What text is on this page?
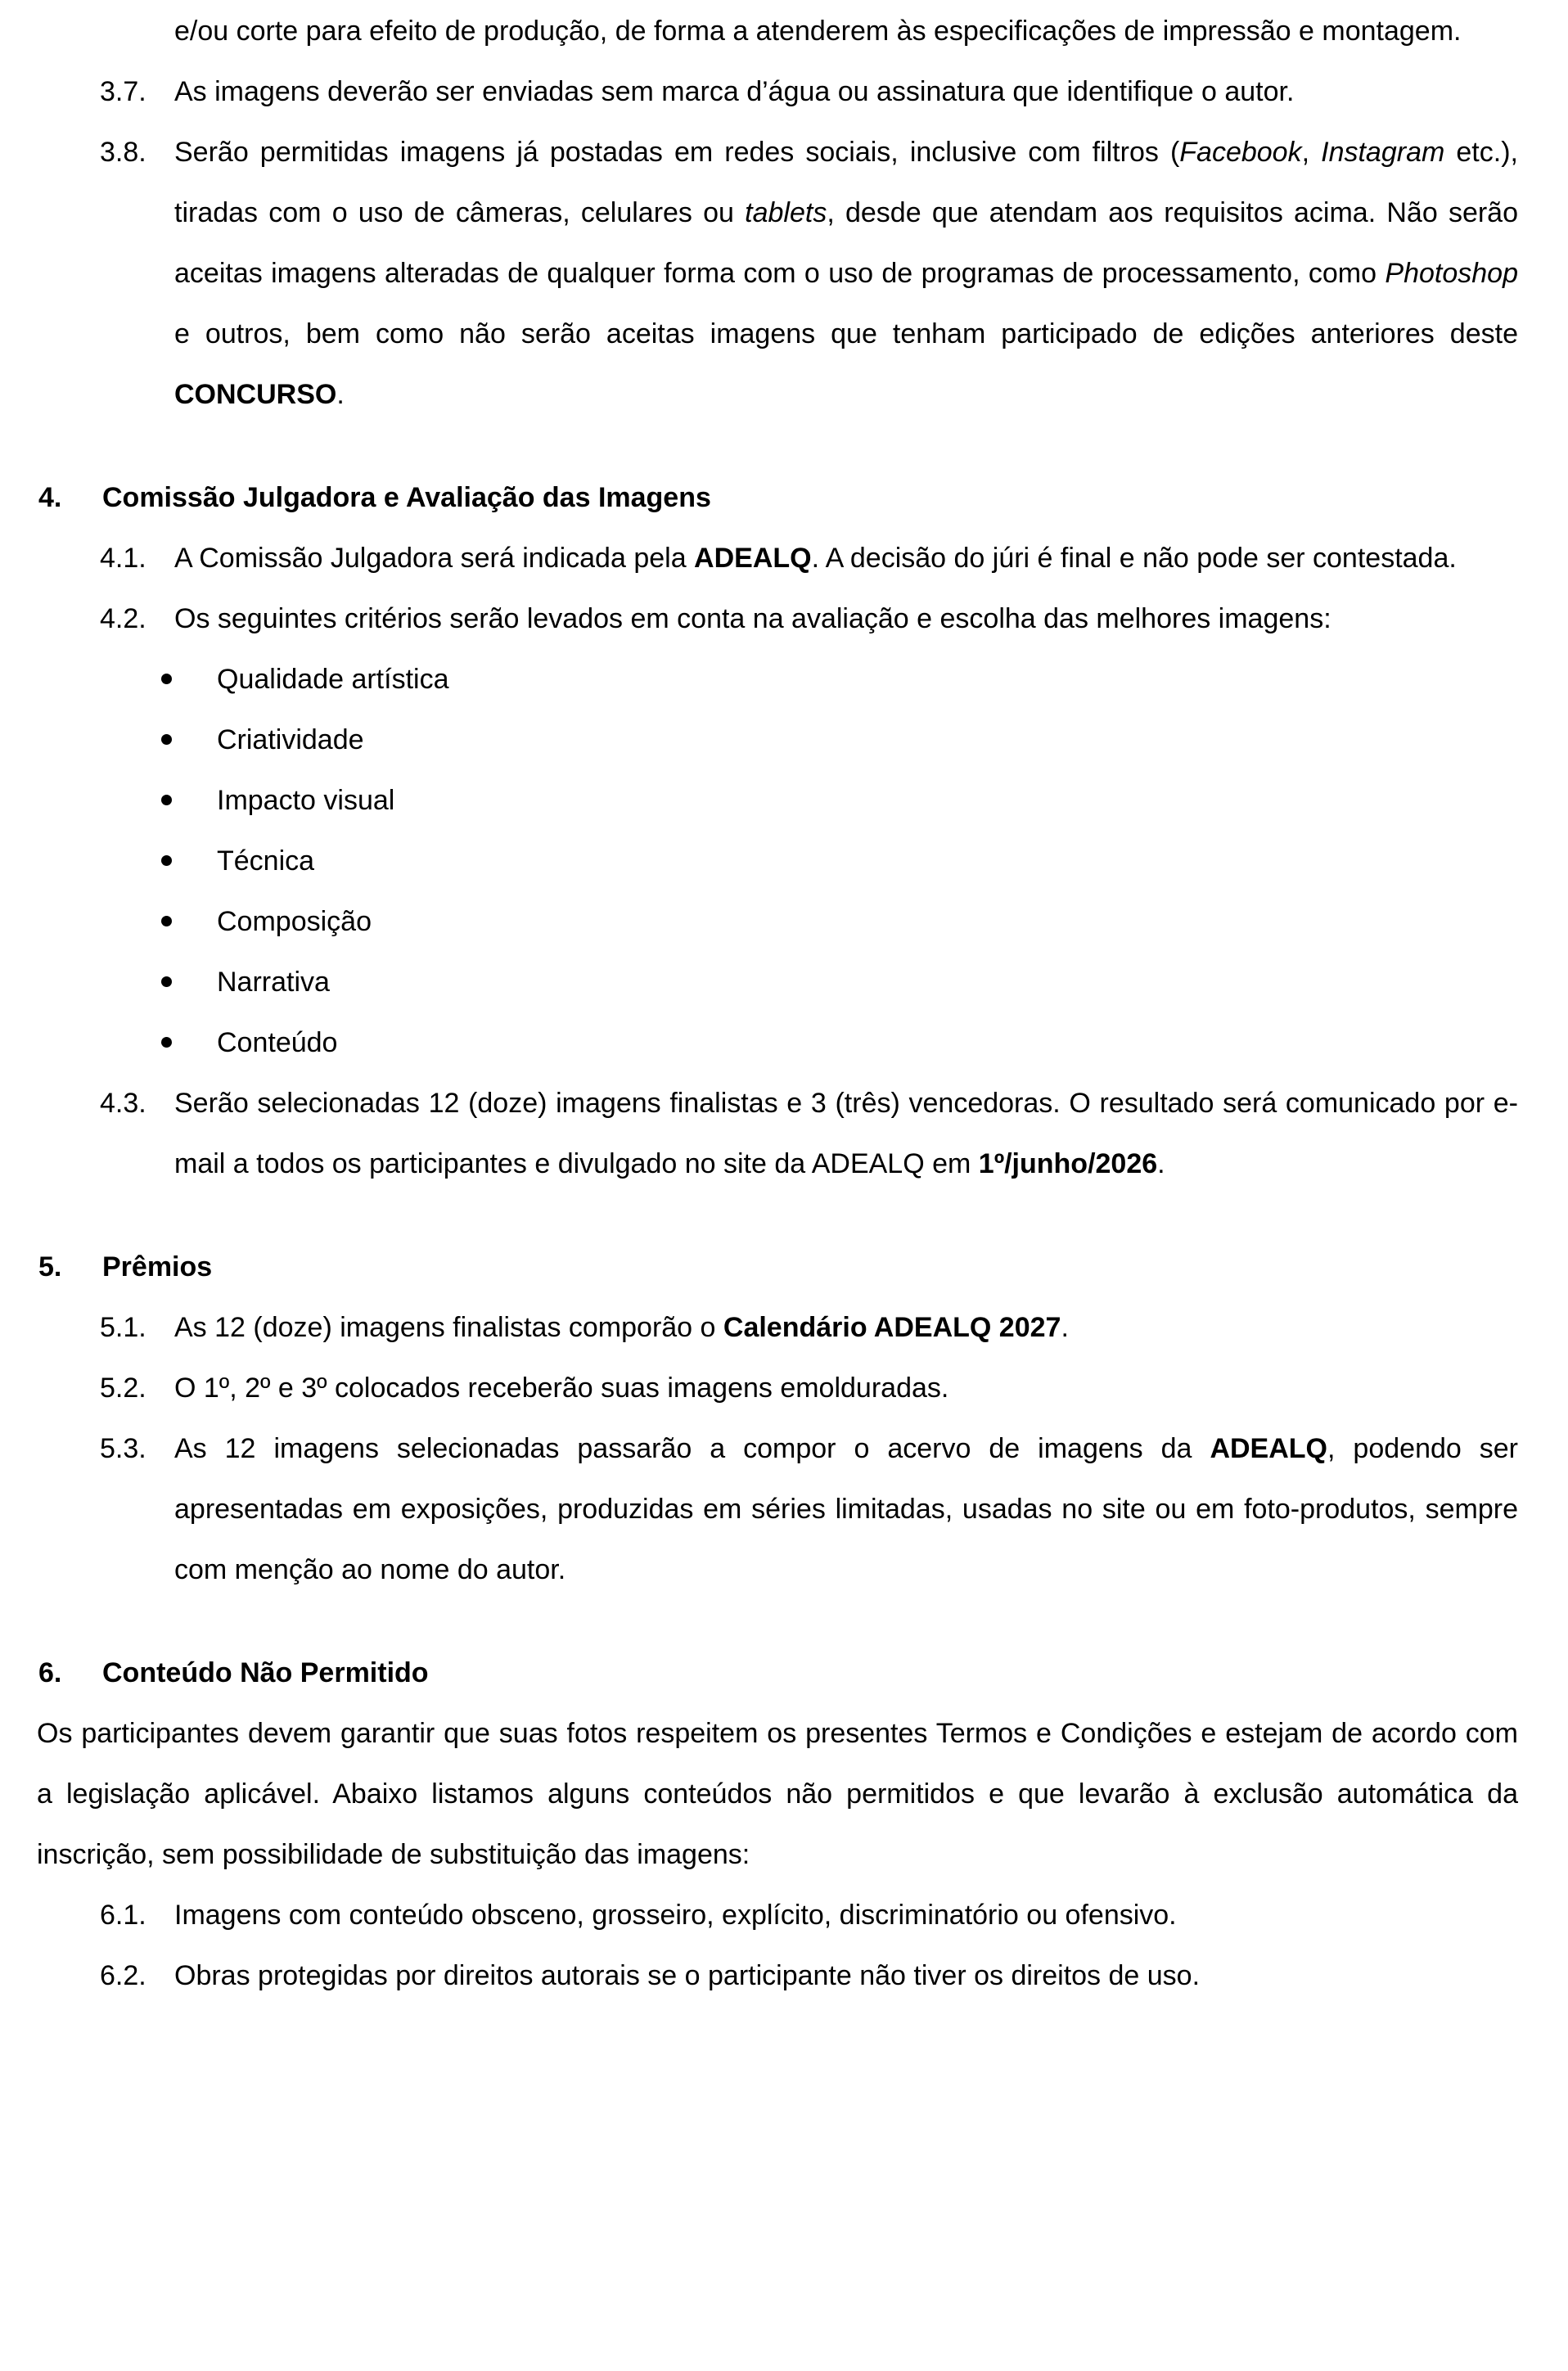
e/ou corte para efeito de produção, de forma a atenderem às especificações de impressão e montagem.
3.7. As imagens deverão ser enviadas sem marca d’água ou assinatura que identifique o autor.
3.8. Serão permitidas imagens já postadas em redes sociais, inclusive com filtros (Facebook, Instagram etc.), tiradas com o uso de câmeras, celulares ou tablets, desde que atendam aos requisitos acima. Não serão aceitas imagens alteradas de qualquer forma com o uso de programas de processamento, como Photoshop e outros, bem como não serão aceitas imagens que tenham participado de edições anteriores deste CONCURSO.
4. Comissão Julgadora e Avaliação das Imagens
4.1. A Comissão Julgadora será indicada pela ADEALQ. A decisão do júri é final e não pode ser contestada.
4.2. Os seguintes critérios serão levados em conta na avaliação e escolha das melhores imagens:
Qualidade artística
Criatividade
Impacto visual
Técnica
Composição
Narrativa
Conteúdo
4.3. Serão selecionadas 12 (doze) imagens finalistas e 3 (três) vencedoras. O resultado será comunicado por e-mail a todos os participantes e divulgado no site da ADEALQ em 1º/junho/2026.
5. Prêmios
5.1. As 12 (doze) imagens finalistas comporão o Calendário ADEALQ 2027.
5.2. O 1º, 2º e 3º colocados receberão suas imagens emolduradas.
5.3. As 12 imagens selecionadas passarão a compor o acervo de imagens da ADEALQ, podendo ser apresentadas em exposições, produzidas em séries limitadas, usadas no site ou em foto-produtos, sempre com menção ao nome do autor.
6. Conteúdo Não Permitido
Os participantes devem garantir que suas fotos respeitem os presentes Termos e Condições e estejam de acordo com a legislação aplicável. Abaixo listamos alguns conteúdos não permitidos e que levarão à exclusão automática da inscrição, sem possibilidade de substituição das imagens:
6.1. Imagens com conteúdo obsceno, grosseiro, explícito, discriminatório ou ofensivo.
6.2. Obras protegidas por direitos autorais se o participante não tiver os direitos de uso.
